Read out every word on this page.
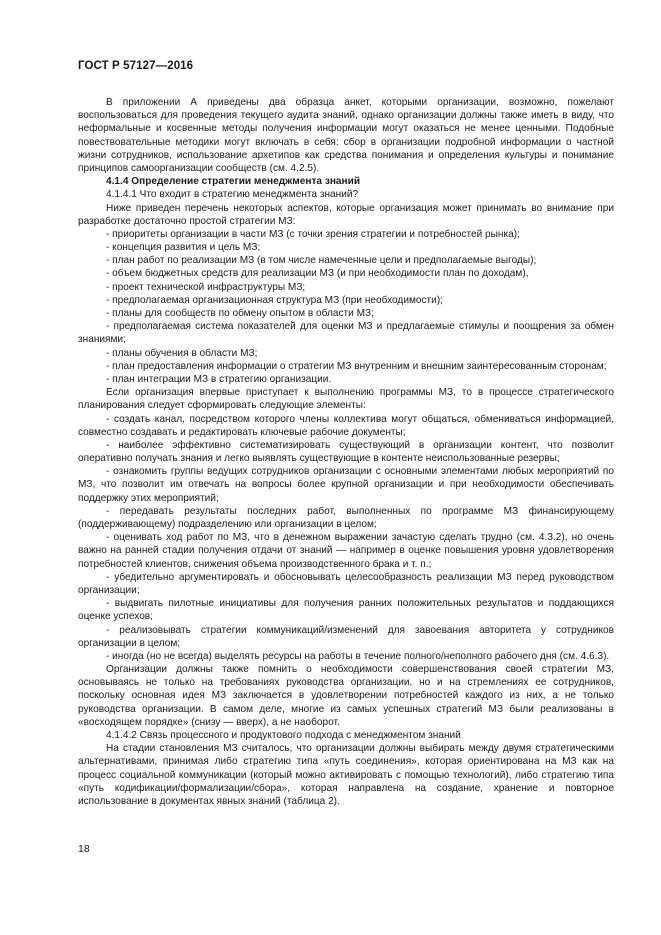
ГОСТ Р 57127—2016

В приложении А приведены два образца анкет, которыми организации, возможно, пожелают воспользоваться для проведения текущего аудита знаний, однако организации должны также иметь в виду, что неформальные и косвенные методы получения информации могут оказаться не менее ценными. Подобные повествовательные методики могут включать в себя: сбор в организации подробной информации о частной жизни сотрудников, использование архетипов как средства понимания и определения культуры и понимание принципов самоорганизации сообществ (см. 4.2.5).

4.1.4 Определение стратегии менеджмента знаний

4.1.4.1 Что входит в стратегию менеджмента знаний?

Ниже приведен перечень некоторых аспектов, которые организация может принимать во внимание при разработке достаточно простой стратегии МЗ:

- приоритеты организации в части МЗ (с точки зрения стратегии и потребностей рынка);

- концепция развития и цель МЗ;

- план работ по реализации МЗ (в том числе намеченные цели и предполагаемые выгоды);

- объем бюджетных средств для реализации МЗ (и при необходимости план по доходам),

- проект технической инфраструктуры МЗ;

- предполагаемая организационная структура МЗ (при необходимости);

- планы для сообществ по обмену опытом в области МЗ;

- предполагаемая система показателей для оценки МЗ и предлагаемые стимулы и поощрения за обмен знаниями;

- планы обучения в области МЗ;

- план предоставления информации о стратегии МЗ внутренним и внешним заинтересованным сторонам;

- план интеграции МЗ в стратегию организации.

Если организация впервые приступает к выполнению программы МЗ, то в процессе стратегического планирования следует сформировать следующие элементы:

- создать канал, посредством которого члены коллектива могут общаться, обмениваться информацией, совместно создавать и редактировать ключевые рабочие документы;

- наиболее эффективно систематизировать существующий в организации контент, что позволит оперативно получать знания и легко выявлять существующие в контенте неиспользованные резервы;

- ознакомить группы ведущих сотрудников организации с основными элементами любых мероприятий по МЗ, что позволит им отвечать на вопросы более крупной организации и при необходимости обеспечивать поддержку этих мероприятий;

- передавать результаты последних работ, выполненных по программе МЗ финансирующему (поддерживающему) подразделению или организации в целом;

- оценивать ход работ по МЗ, что в денежном выражении зачастую сделать трудно (см. 4.3.2), но очень важно на ранней стадии получения отдачи от знаний — например в оценке повышения уровня удовлетворения потребностей клиентов, снижения объема производственного брака и т. п.;

- убедительно аргументировать и обосновывать целесообразность реализации МЗ перед руководством организации;

- выдвигать пилотные инициативы для получения ранних положительных результатов и поддающихся оценке успехов;

- реализовывать стратегии коммуникаций/изменений для завоевания авторитета у сотрудников организации в целом;

- иногда (но не всегда) выделять ресурсы на работы в течение полного/неполного рабочего дня (см. 4.6.3).

Организации должны также помнить о необходимости совершенствования своей стратегии МЗ, основываясь не только на требованиях руководства организации, но и на стремлениях ее сотрудников, поскольку основная идея МЗ заключается в удовлетворении потребностей каждого из них, а не только руководства организации. В самом деле, многие из самых успешных стратегий МЗ были реализованы в «восходящем порядке» (снизу — вверх), а не наоборот.

4.1.4.2 Связь процессного и продуктового подхода с менеджментом знаний

На стадии становления МЗ считалось, что организации должны выбирать между двумя стратегическими альтернативами, принимая либо стратегию типа «путь соединения», которая ориентирована на МЗ как на процесс социальной коммуникации (который можно активировать с помощью технологий), либо стратегию типа «путь кодификации/формализации/сбора», которая направлена на создание, хранение и повторное использование в документах явных знаний (таблица 2).

18
